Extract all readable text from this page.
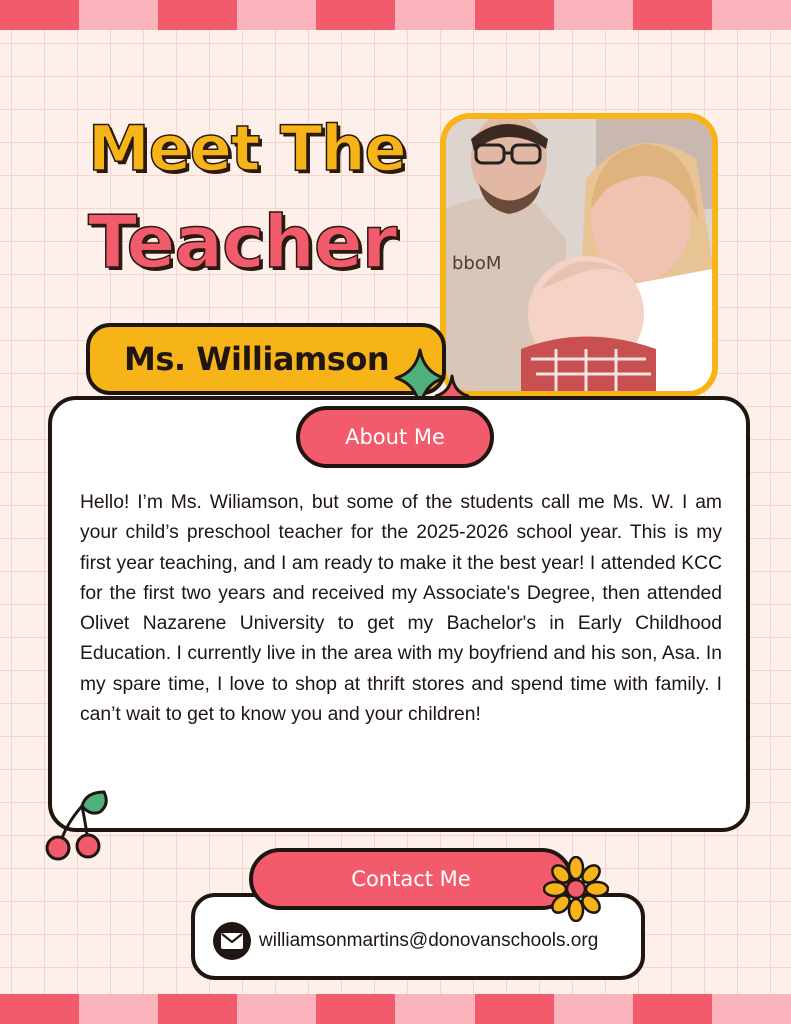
Meet The
Teacher	bboM
Ms. Williamson
About Me

Hello! I’m Ms. Wiliamson, but some of the students call me Ms. W. I am your child’s preschool teacher for the 2025-2026 school year. This is my first year teaching, and I am ready to make it the best year! I attended KCC for the first two years and received my Associate's Degree, then attended Olivet Nazarene University to get my Bachelor's in Early Childhood Education. I currently live in the area with my boyfriend and his son, Asa. In my spare time, I love to shop at thrift stores and spend time with family. I can’t wait to get to know you and your children!

williamsonmartins@donovanschools.org
Contact Me
